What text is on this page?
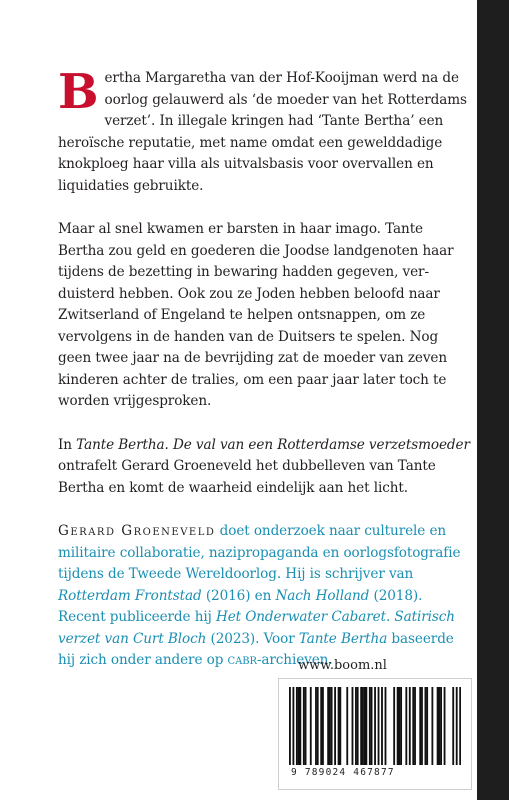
Bertha Margaretha van der Hof-Kooijman werd na de oorlog gelauwerd als ‘de moeder van het Rotterdams verzet’. In illegale kringen had ‘Tante Bertha’ een heroïsche reputatie, met name omdat een gewelddadige knokploeg haar villa als uitvalsbasis voor overvallen en liquidaties gebruikte.

Maar al snel kwamen er barsten in haar imago. Tante Bertha zou geld en goederen die Joodse landgenoten haar tijdens de bezetting in bewaring hadden gegeven, verduisterd hebben. Ook zou ze Joden hebben beloofd naar Zwitserland of Engeland te helpen ontsnappen, om ze vervolgens in de handen van de Duitsers te spelen. Nog geen twee jaar na de bevrijding zat de moeder van zeven kinderen achter de tralies, om een paar jaar later toch te worden vrijgesproken.

In Tante Bertha. De val van een Rotterdamse verzetsmoeder ontrafelt Gerard Groeneveld het dubbelleven van Tante Bertha en komt de waarheid eindelijk aan het licht.

Gerard Groeneveld doet onderzoek naar culturele en militaire collaboratie, nazipropaganda en oorlogsfotografie tijdens de Tweede Wereldoorlog. Hij is schrijver van Rotterdam Frontstad (2016) en Nach Holland (2018). Recent publiceerde hij Het Onderwater Cabaret. Satirisch verzet van Curt Bloch (2023). Voor Tante Bertha baseerde hij zich onder andere op cabr-archieven.

www.boom.nl
9 789024 467877
